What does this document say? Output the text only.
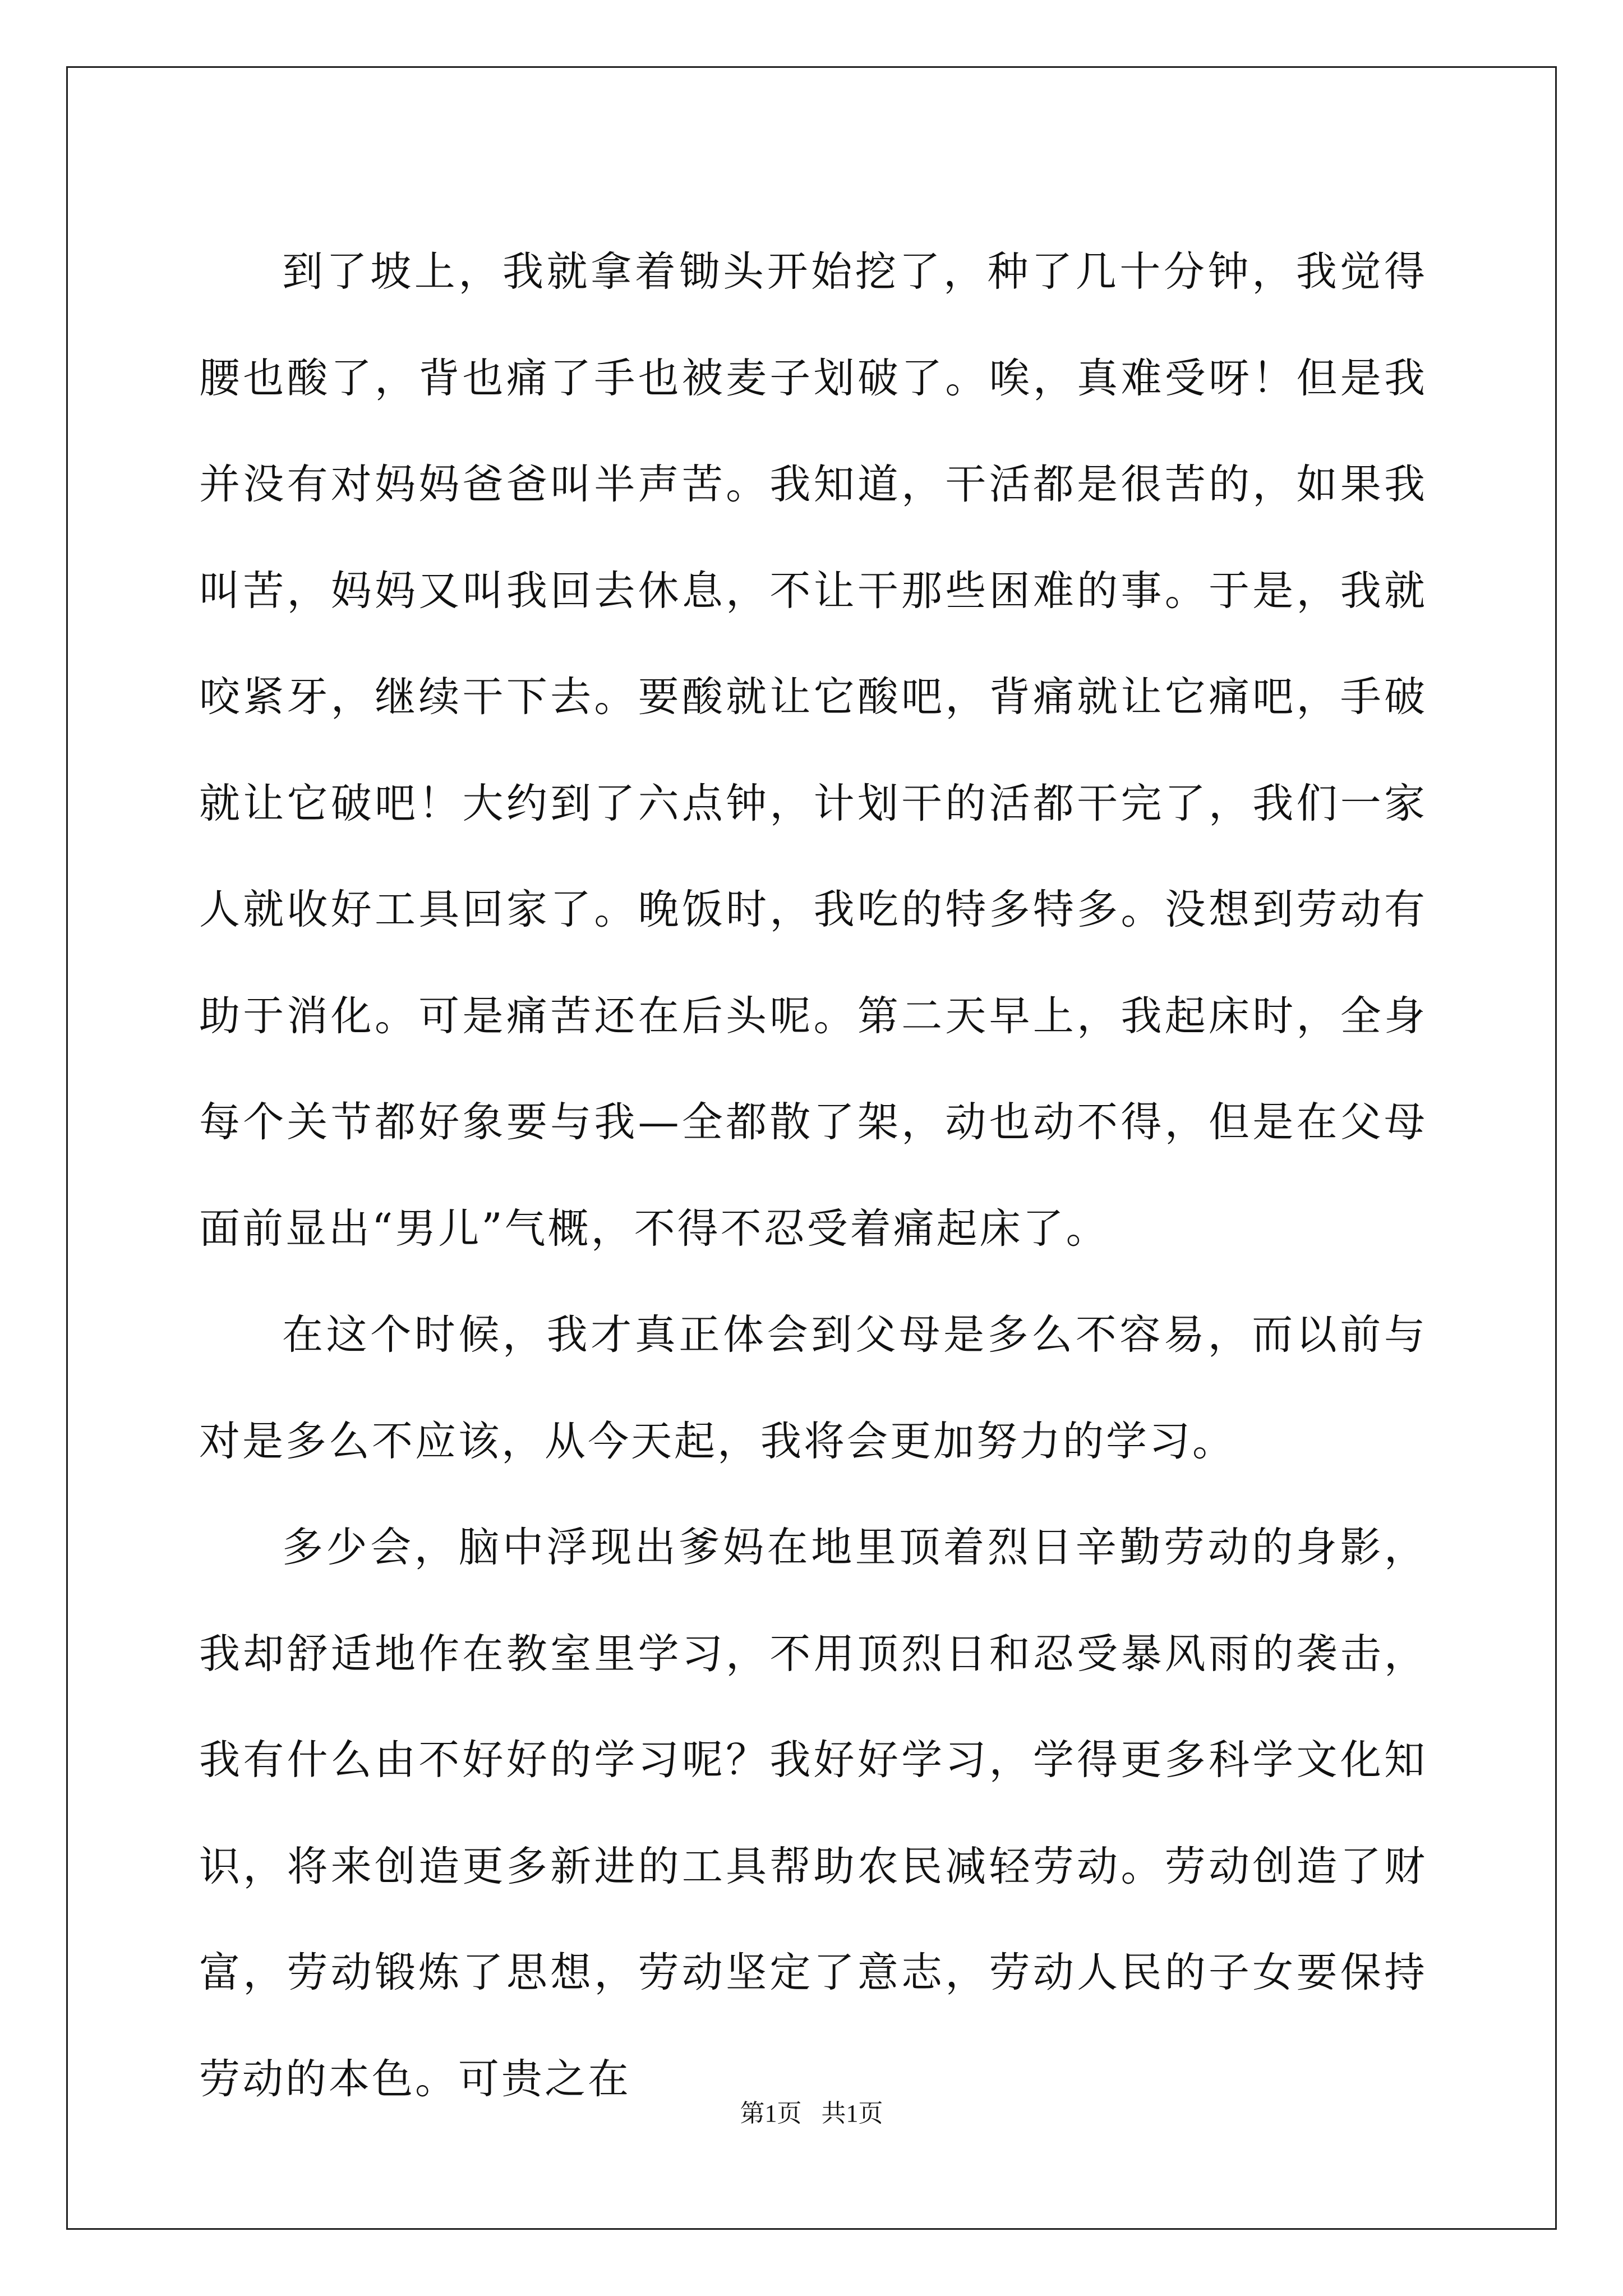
到了坡上，我就拿着锄头开始挖了，种了几十分钟，我觉得腰也酸了，背也痛了手也被麦子划破了。唉，真难受呀！但是我并没有对妈妈爸爸叫半声苦。我知道，干活都是很苦的，如果我叫苦，妈妈又叫我回去休息，不让干那些困难的事。于是，我就咬紧牙，继续干下去。要酸就让它酸吧，背痛就让它痛吧，手破就让它破吧！大约到了六点钟，计划干的活都干完了，我们一家人就收好工具回家了。晚饭时，我吃的特多特多。没想到劳动有助于消化。可是痛苦还在后头呢。第二天早上，我起床时，全身每个关节都好象要与我—全都散了架，动也动不得，但是在父母面前显出“男儿”气概，不得不忍受着痛起床了。

在这个时候，我才真正体会到父母是多么不容易，而以前与对是多么不应该，从今天起，我将会更加努力的学习。

多少会，脑中浮现出爹妈在地里顶着烈日辛勤劳动的身影，我却舒适地作在教室里学习，不用顶烈日和忍受暴风雨的袭击，我有什么由不好好的学习呢？我好好学习，学得更多科学文化知识，将来创造更多新进的工具帮助农民减轻劳动。劳动创造了财富，劳动锻炼了思想，劳动坚定了意志，劳动人民的子女要保持劳动的本色。可贵之在

第1页 共1页
